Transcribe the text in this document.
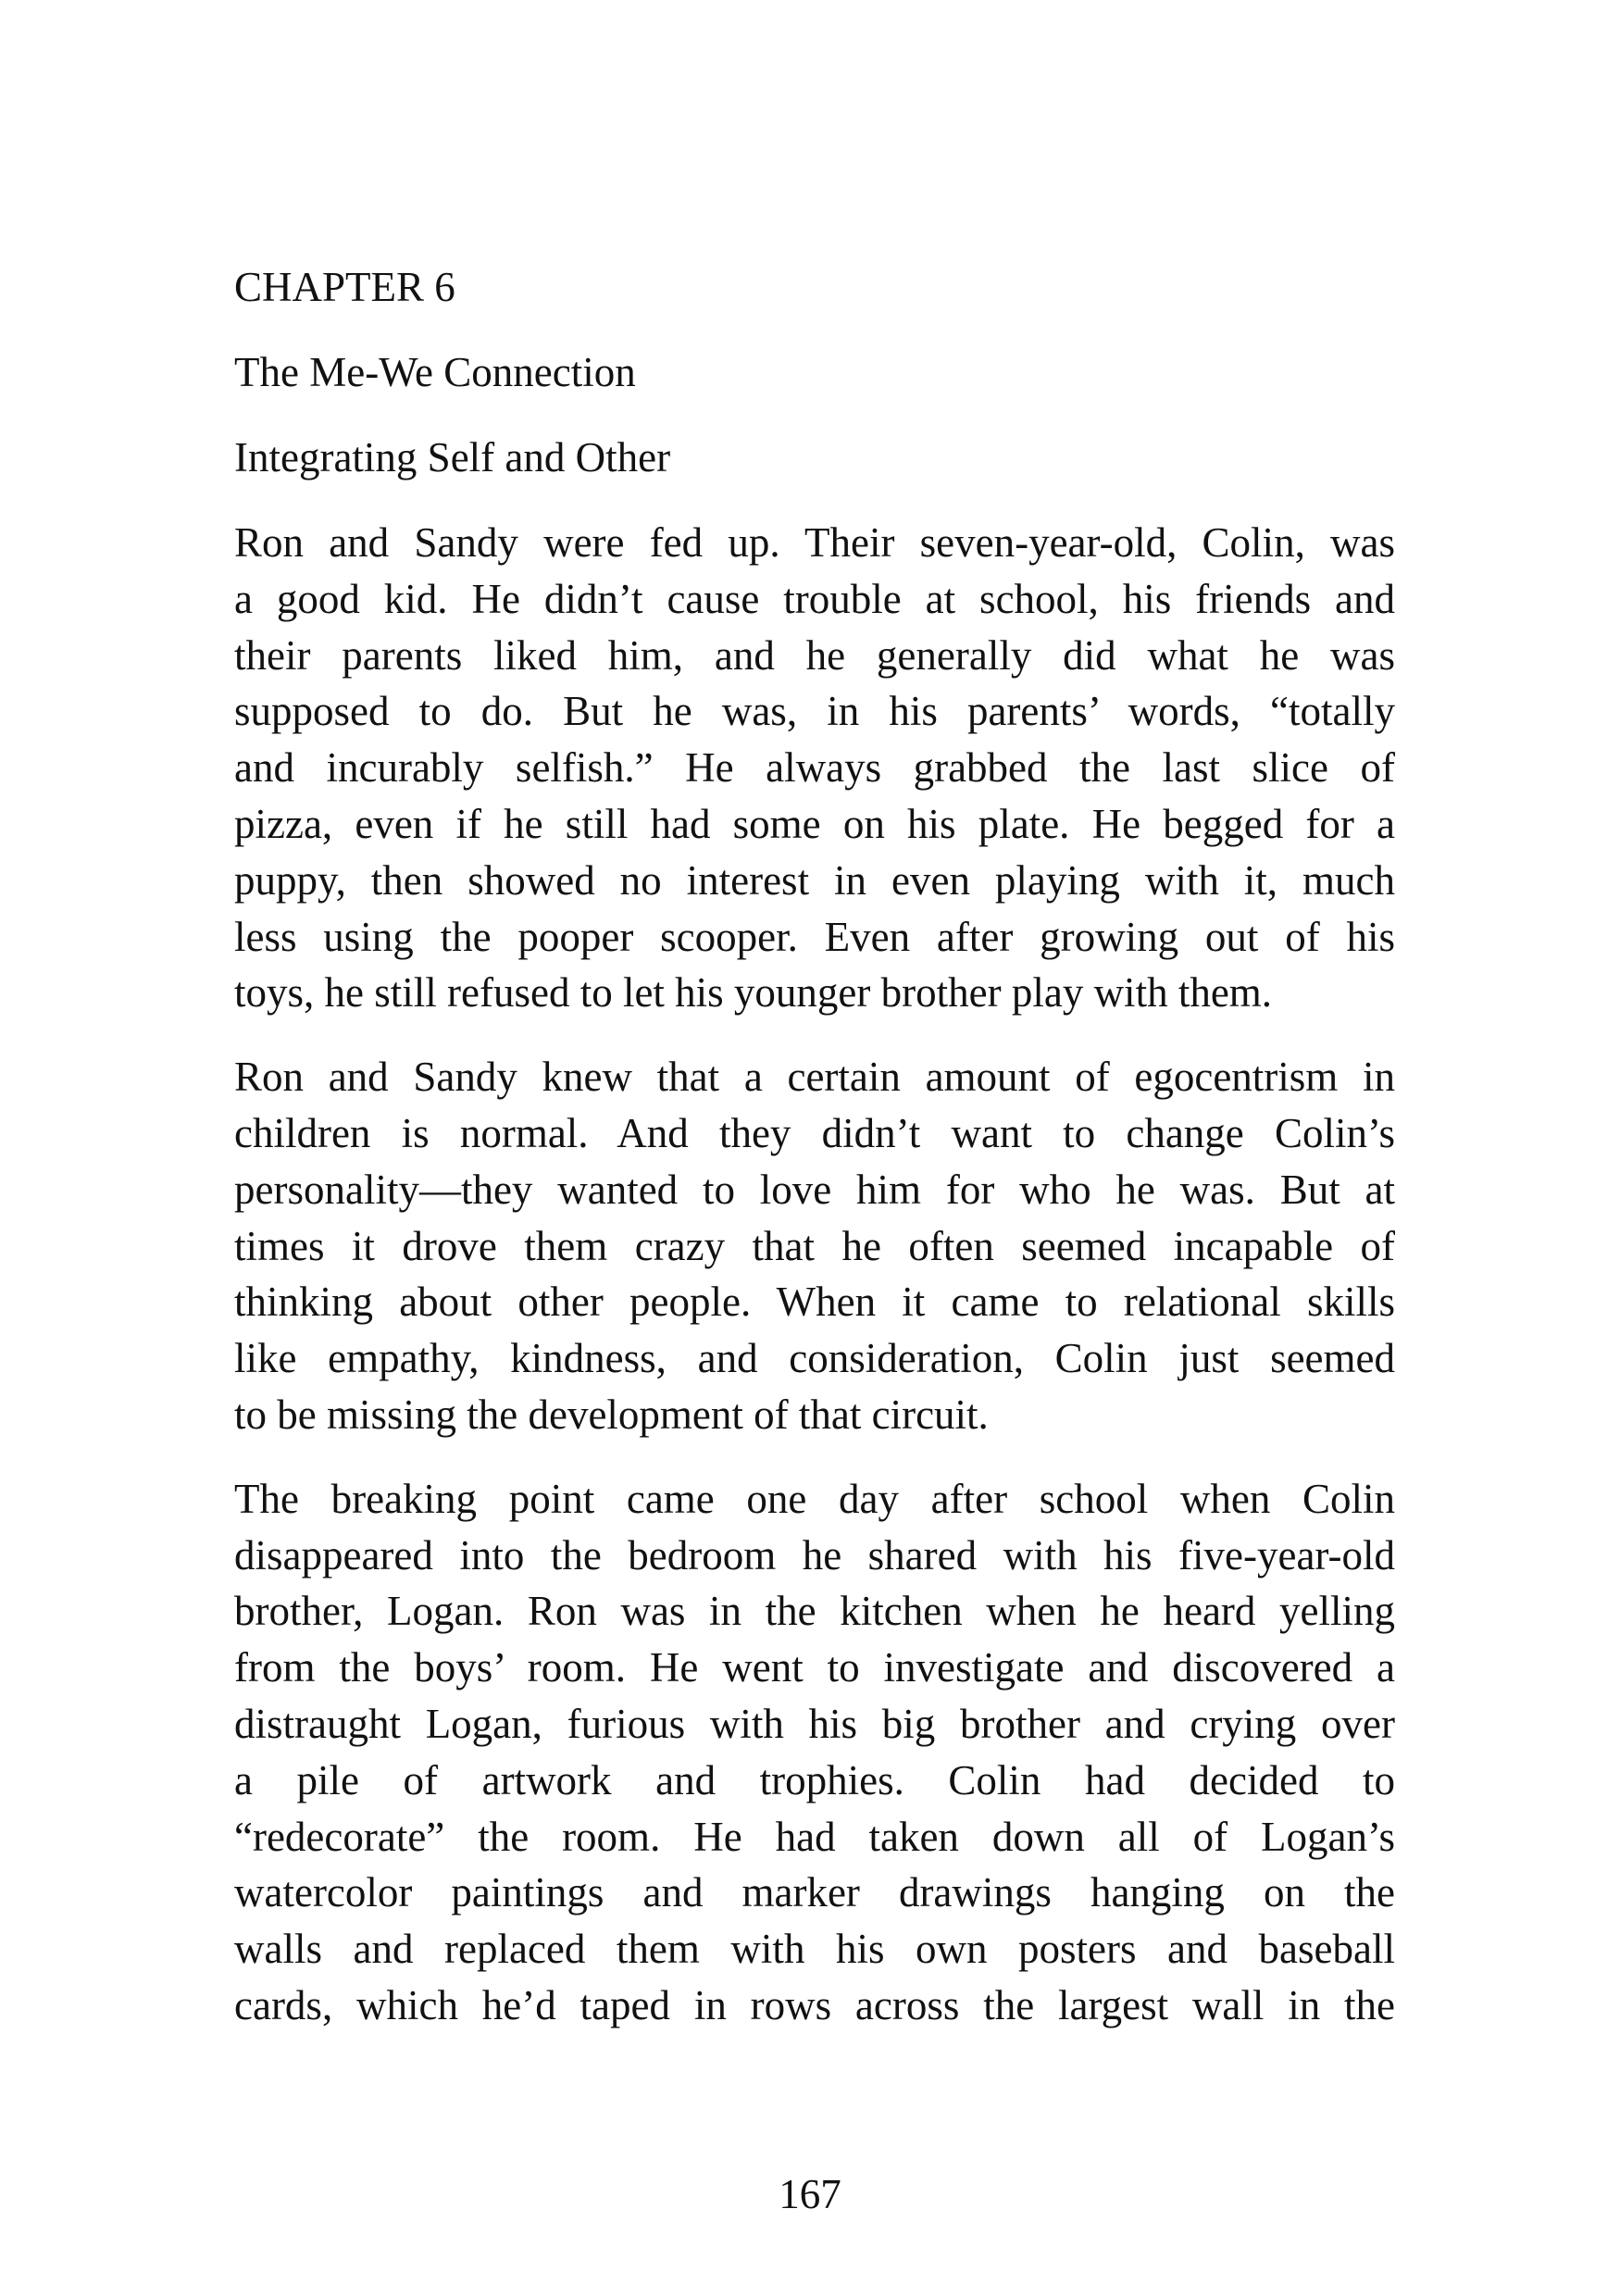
CHAPTER 6
The Me-We Connection
Integrating Self and Other
Ron and Sandy were fed up. Their seven-year-old, Colin, was
a good kid. He didn’t cause trouble at school, his friends and
their parents liked him, and he generally did what he was
supposed to do. But he was, in his parents’ words, “totally
and incurably selfish.” He always grabbed the last slice of
pizza, even if he still had some on his plate. He begged for a
puppy, then showed no interest in even playing with it, much
less using the pooper scooper. Even after growing out of his
toys, he still refused to let his younger brother play with them.
Ron and Sandy knew that a certain amount of egocentrism in
children is normal. And they didn’t want to change Colin’s
personality—they wanted to love him for who he was. But at
times it drove them crazy that he often seemed incapable of
thinking about other people. When it came to relational skills
like empathy, kindness, and consideration, Colin just seemed
to be missing the development of that circuit.
The breaking point came one day after school when Colin
disappeared into the bedroom he shared with his five-year-old
brother, Logan. Ron was in the kitchen when he heard yelling
from the boys’ room. He went to investigate and discovered a
distraught Logan, furious with his big brother and crying over
a pile of artwork and trophies. Colin had decided to
“redecorate” the room. He had taken down all of Logan’s
watercolor paintings and marker drawings hanging on the
walls and replaced them with his own posters and baseball
cards, which he’d taped in rows across the largest wall in the
167
